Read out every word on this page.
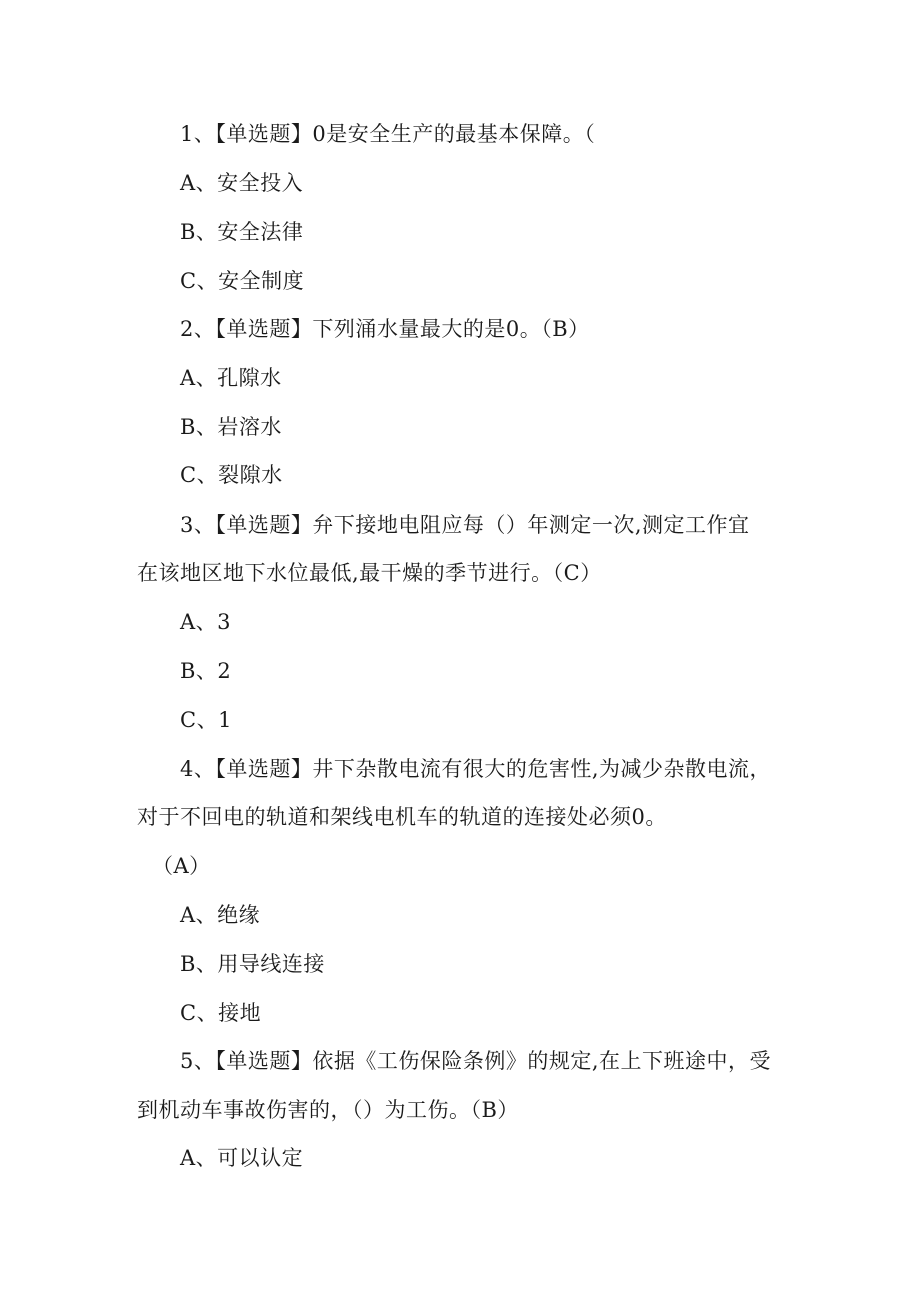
1、【单选题】0是安全生产的最基本保障。（
A、安全投入
B、安全法律
C、安全制度
2、【单选题】下列涌水量最大的是0。（B）
A、孔隙水
B、岩溶水
C、裂隙水
3、【单选题】弁下接地电阻应每（）年测定一次,测定工作宜
在该地区地下水位最低,最干燥的季节进行。（C）
A、3
B、2
C、1
4、【单选题】井下杂散电流有很大的危害性,为减少杂散电流，
对于不回电的轨道和架线电机车的轨道的连接处必须0。
（A）
A、绝缘
B、用导线连接
C、接地
5、【单选题】依据《工伤保险条例》的规定,在上下班途中，受
到机动车事故伤害的，（）为工伤。（B）
A、可以认定
